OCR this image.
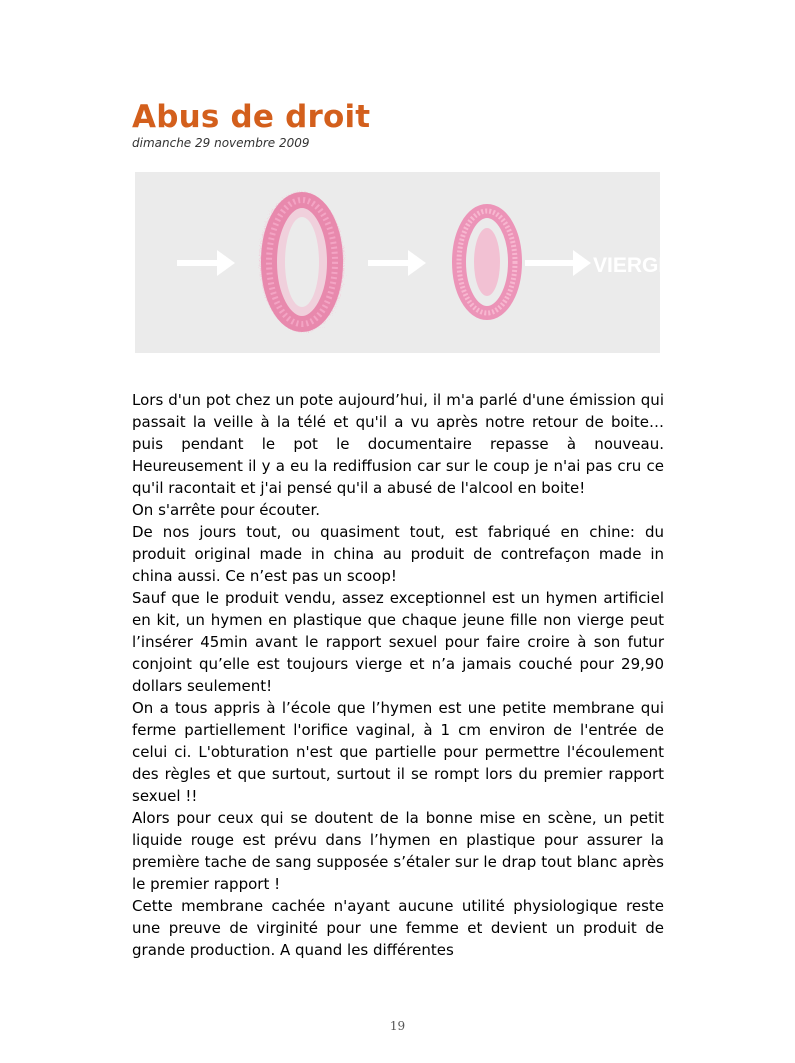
Abus de droit
dimanche 29 novembre 2009
VIERGE

Lors d'un pot chez un pote aujourd’hui, il m'a parlé d'une émission qui passait la veille à la télé et qu'il a vu après notre retour de boite… puis pendant le pot le documentaire repasse à nouveau. Heureusement il y a eu la rediffusion car sur le coup je n'ai pas cru ce qu'il racontait et j'ai pensé qu'il a abusé de l'alcool en boite!

On s'arrête pour écouter.

De nos jours tout, ou quasiment tout, est fabriqué en chine: du produit original made in china au produit de contrefaçon made in china aussi. Ce n’est pas un scoop!

Sauf que le produit vendu, assez exceptionnel est un hymen artificiel en kit, un hymen en plastique que chaque jeune fille non vierge peut l’insérer 45min avant le rapport sexuel pour faire croire à son futur conjoint qu’elle est toujours vierge et n’a jamais couché pour 29,90 dollars seulement!

On a tous appris à l’école que l’hymen est une petite membrane qui ferme partiellement l'orifice vaginal, à 1 cm environ de l'entrée de celui ci. L'obturation n'est que partielle pour permettre l'écoulement des règles et que surtout, surtout il se rompt lors du premier rapport sexuel !!

Alors pour ceux qui se doutent de la bonne mise en scène, un petit liquide rouge est prévu dans l’hymen en plastique pour assurer la première tache de sang supposée s’étaler sur le drap tout blanc après le premier rapport !

Cette membrane cachée n'ayant aucune utilité physiologique reste une preuve de virginité pour une femme et devient un produit de grande production. A quand les différentes

19
